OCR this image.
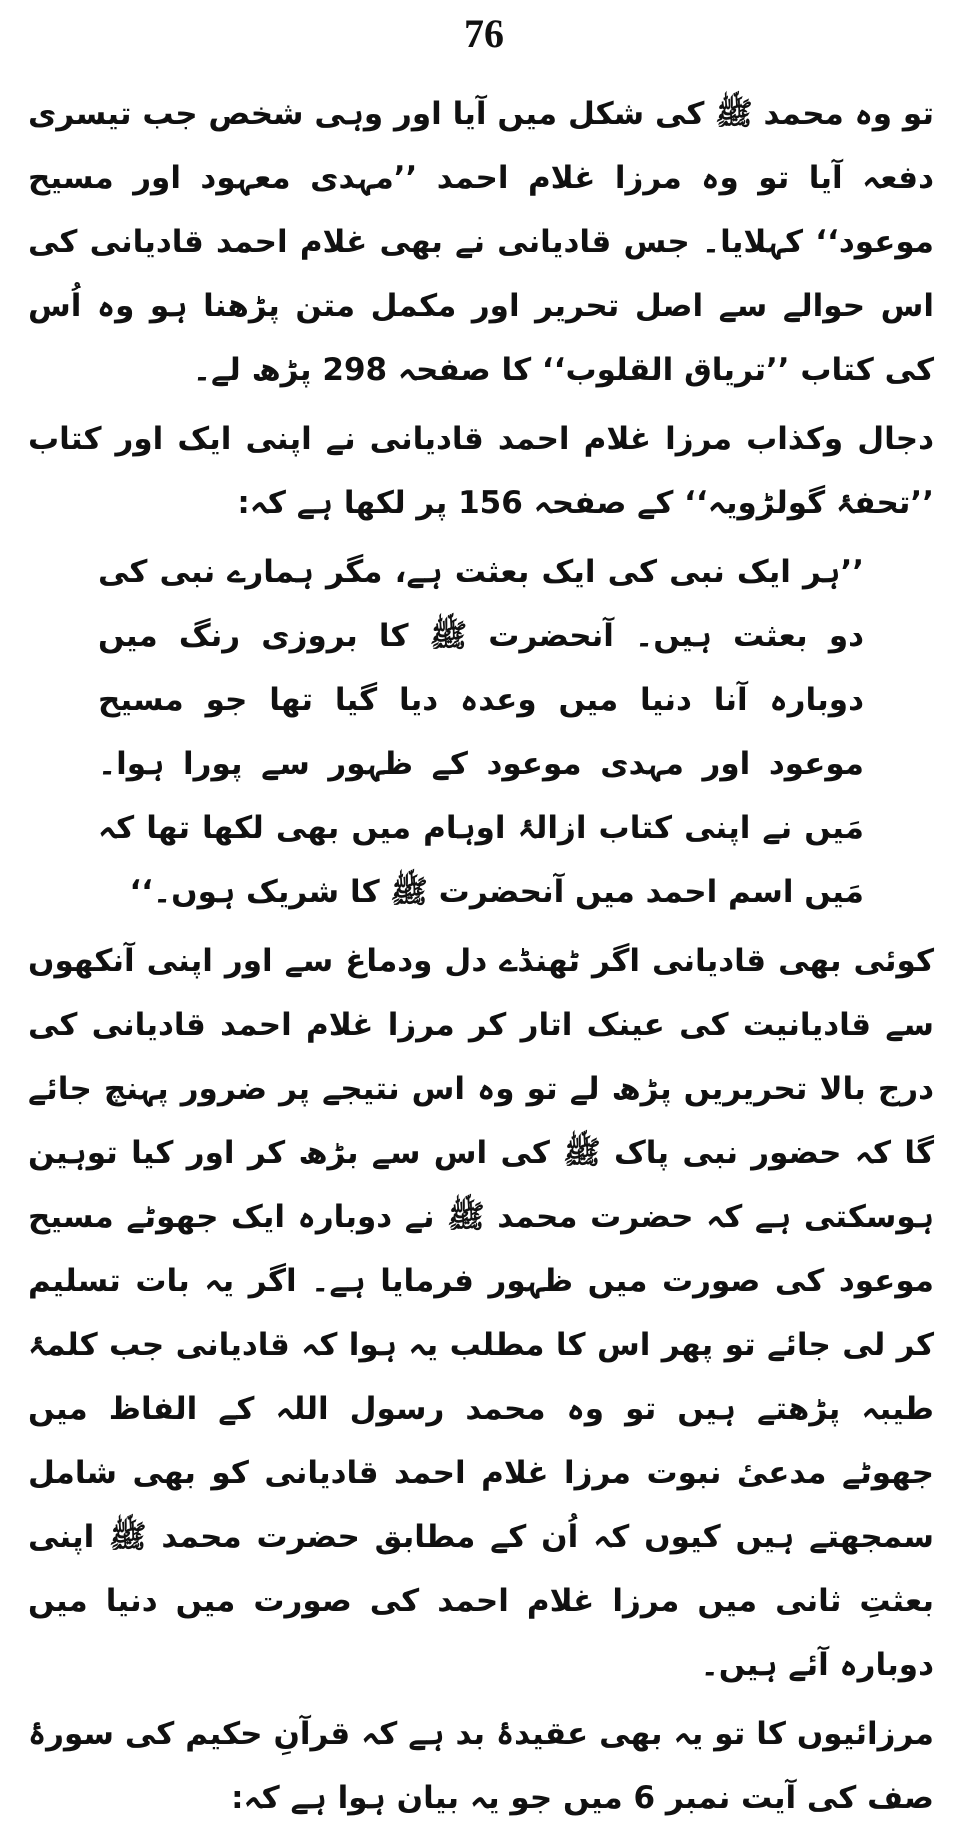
76

تو وہ محمد ﷺ کی شکل میں آیا اور وہی شخص جب تیسری دفعہ آیا تو وہ مرزا غلام احمد ’’مہدی معہود اور مسیح موعود‘‘ کہلایا۔ جس قادیانی نے بھی غلام احمد قادیانی کی اس حوالے سے اصل تحریر اور مکمل متن پڑھنا ہو وہ اُس کی کتاب ’’تریاق القلوب‘‘ کا صفحہ 298 پڑھ لے۔

دجال وکذاب مرزا غلام احمد قادیانی نے اپنی ایک اور کتاب ’’تحفۂ گولڑویہ‘‘ کے صفحہ 156 پر لکھا ہے کہ:

’’ہر ایک نبی کی ایک بعثت ہے، مگر ہمارے نبی کی دو بعثت ہیں۔ آنحضرت ﷺ کا بروزی رنگ میں دوبارہ آنا دنیا میں وعدہ دیا گیا تھا جو مسیح موعود اور مہدی موعود کے ظہور سے پورا ہوا۔ مَیں نے اپنی کتاب ازالۂ اوہام میں بھی لکھا تھا کہ مَیں اسم احمد میں آنحضرت ﷺ کا شریک ہوں۔‘‘

کوئی بھی قادیانی اگر ٹھنڈے دل ودماغ سے اور اپنی آنکھوں سے قادیانیت کی عینک اتار کر مرزا غلام احمد قادیانی کی درج بالا تحریریں پڑھ لے تو وہ اس نتیجے پر ضرور پہنچ جائے گا کہ حضور نبی پاک ﷺ کی اس سے بڑھ کر اور کیا توہین ہوسکتی ہے کہ حضرت محمد ﷺ نے دوبارہ ایک جھوٹے مسیح موعود کی صورت میں ظہور فرمایا ہے۔ اگر یہ بات تسلیم کر لی جائے تو پھر اس کا مطلب یہ ہوا کہ قادیانی جب کلمۂ طیبہ پڑھتے ہیں تو وہ محمد رسول اللہ کے الفاظ میں جھوٹے مدعیٔ نبوت مرزا غلام احمد قادیانی کو بھی شامل سمجھتے ہیں کیوں کہ اُن کے مطابق حضرت محمد ﷺ اپنی بعثتِ ثانی میں مرزا غلام احمد کی صورت میں دنیا میں دوبارہ آئے ہیں۔

مرزائیوں کا تو یہ بھی عقیدۂ بد ہے کہ قرآنِ حکیم کی سورۂ صف کی آیت نمبر 6 میں جو یہ بیان ہوا ہے کہ:
